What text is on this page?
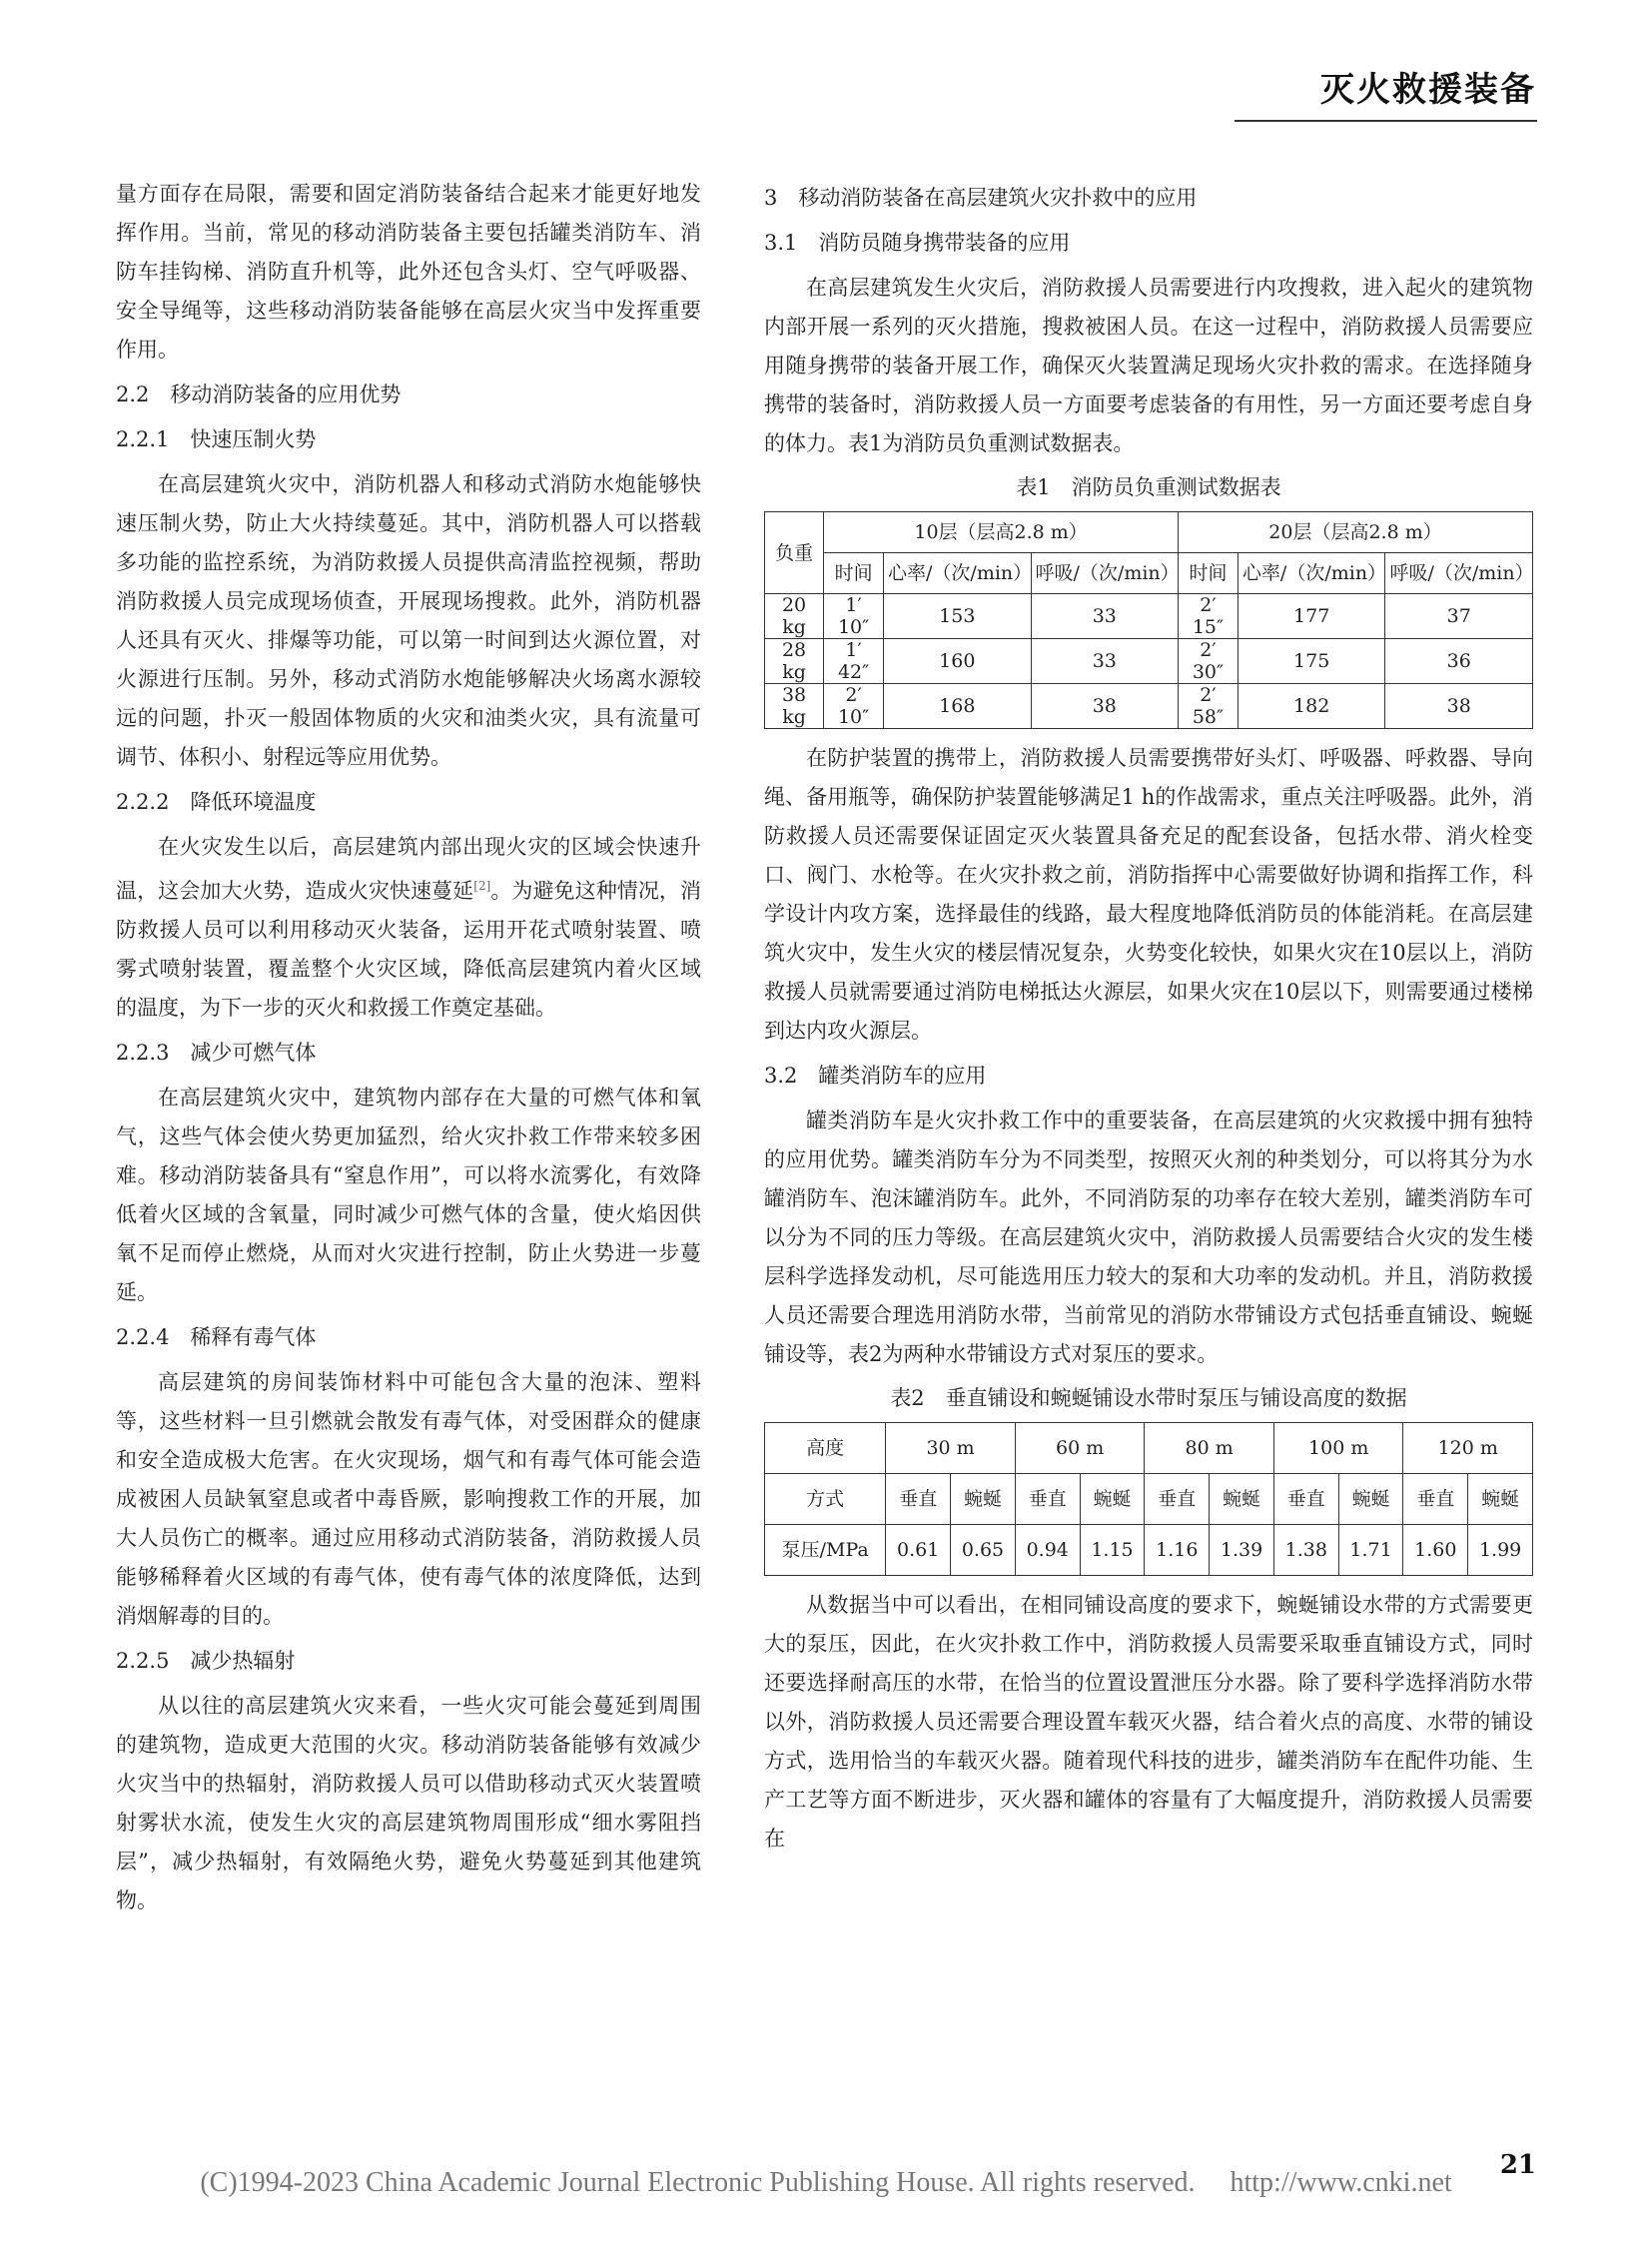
灭火救援装备

量方面存在局限，需要和固定消防装备结合起来才能更好地发挥作用。当前，常见的移动消防装备主要包括罐类消防车、消防车挂钩梯、消防直升机等，此外还包含头灯、空气呼吸器、安全导绳等，这些移动消防装备能够在高层火灾当中发挥重要作用。

2.2　移动消防装备的应用优势
2.2.1　快速压制火势

在高层建筑火灾中，消防机器人和移动式消防水炮能够快速压制火势，防止大火持续蔓延。其中，消防机器人可以搭载多功能的监控系统，为消防救援人员提供高清监控视频，帮助消防救援人员完成现场侦查，开展现场搜救。此外，消防机器人还具有灭火、排爆等功能，可以第一时间到达火源位置，对火源进行压制。另外，移动式消防水炮能够解决火场离水源较远的问题，扑灭一般固体物质的火灾和油类火灾，具有流量可调节、体积小、射程远等应用优势。

2.2.2　降低环境温度

在火灾发生以后，高层建筑内部出现火灾的区域会快速升温，这会加大火势，造成火灾快速蔓延[2]。为避免这种情况，消防救援人员可以利用移动灭火装备，运用开花式喷射装置、喷雾式喷射装置，覆盖整个火灾区域，降低高层建筑内着火区域的温度，为下一步的灭火和救援工作奠定基础。

2.2.3　减少可燃气体

在高层建筑火灾中，建筑物内部存在大量的可燃气体和氧气，这些气体会使火势更加猛烈，给火灾扑救工作带来较多困难。移动消防装备具有“窒息作用”，可以将水流雾化，有效降低着火区域的含氧量，同时减少可燃气体的含量，使火焰因供氧不足而停止燃烧，从而对火灾进行控制，防止火势进一步蔓延。

2.2.4　稀释有毒气体

高层建筑的房间装饰材料中可能包含大量的泡沫、塑料等，这些材料一旦引燃就会散发有毒气体，对受困群众的健康和安全造成极大危害。在火灾现场，烟气和有毒气体可能会造成被困人员缺氧窒息或者中毒昏厥，影响搜救工作的开展，加大人员伤亡的概率。通过应用移动式消防装备，消防救援人员能够稀释着火区域的有毒气体，使有毒气体的浓度降低，达到消烟解毒的目的。

2.2.5　减少热辐射

从以往的高层建筑火灾来看，一些火灾可能会蔓延到周围的建筑物，造成更大范围的火灾。移动消防装备能够有效减少火灾当中的热辐射，消防救援人员可以借助移动式灭火装置喷射雾状水流，使发生火灾的高层建筑物周围形成“细水雾阻挡层”，减少热辐射，有效隔绝火势，避免火势蔓延到其他建筑物。

3　移动消防装备在高层建筑火灾扑救中的应用
3.1　消防员随身携带装备的应用

在高层建筑发生火灾后，消防救援人员需要进行内攻搜救，进入起火的建筑物内部开展一系列的灭火措施，搜救被困人员。在这一过程中，消防救援人员需要应用随身携带的装备开展工作，确保灭火装置满足现场火灾扑救的需求。在选择随身携带的装备时，消防救援人员一方面要考虑装备的有用性，另一方面还要考虑自身的体力。表1为消防员负重测试数据表。

表1　消防员负重测试数据表
负重	10层（层高2.8 m）			20层（层高2.8 m）		
	时间	心率/（次/min）	呼吸/（次/min）	时间	心率/（次/min）	呼吸/（次/min）
20 kg	1′ 10″	153	33	2′ 15″	177	37
28 kg	1′ 42″	160	33	2′ 30″	175	36
38 kg	2′ 10″	168	38	2′ 58″	182	38

在防护装置的携带上，消防救援人员需要携带好头灯、呼吸器、呼救器、导向绳、备用瓶等，确保防护装置能够满足1 h的作战需求，重点关注呼吸器。此外，消防救援人员还需要保证固定灭火装置具备充足的配套设备，包括水带、消火栓变口、阀门、水枪等。在火灾扑救之前，消防指挥中心需要做好协调和指挥工作，科学设计内攻方案，选择最佳的线路，最大程度地降低消防员的体能消耗。在高层建筑火灾中，发生火灾的楼层情况复杂，火势变化较快，如果火灾在10层以上，消防救援人员就需要通过消防电梯抵达火源层，如果火灾在10层以下，则需要通过楼梯到达内攻火源层。

3.2　罐类消防车的应用

罐类消防车是火灾扑救工作中的重要装备，在高层建筑的火灾救援中拥有独特的应用优势。罐类消防车分为不同类型，按照灭火剂的种类划分，可以将其分为水罐消防车、泡沫罐消防车。此外，不同消防泵的功率存在较大差别，罐类消防车可以分为不同的压力等级。在高层建筑火灾中，消防救援人员需要结合火灾的发生楼层科学选择发动机，尽可能选用压力较大的泵和大功率的发动机。并且，消防救援人员还需要合理选用消防水带，当前常见的消防水带铺设方式包括垂直铺设、蜿蜒铺设等，表2为两种水带铺设方式对泵压的要求。

表2　垂直铺设和蜿蜒铺设水带时泵压与铺设高度的数据
高度	30 m		60 m		80 m		100 m		120 m	
方式	垂直	蜿蜒	垂直	蜿蜒	垂直	蜿蜒	垂直	蜿蜒	垂直	蜿蜒
泵压/MPa	0.61	0.65	0.94	1.15	1.16	1.39	1.38	1.71	1.60	1.99

从数据当中可以看出，在相同铺设高度的要求下，蜿蜒铺设水带的方式需要更大的泵压，因此，在火灾扑救工作中，消防救援人员需要采取垂直铺设方式，同时还要选择耐高压的水带，在恰当的位置设置泄压分水器。除了要科学选择消防水带以外，消防救援人员还需要合理设置车载灭火器，结合着火点的高度、水带的铺设方式，选用恰当的车载灭火器。随着现代科技的进步，罐类消防车在配件功能、生产工艺等方面不断进步，灭火器和罐体的容量有了大幅度提升，消防救援人员需要在

(C)1994-2023 China Academic Journal Electronic Publishing House. All rights reserved.　 http://www.cnki.net
21
